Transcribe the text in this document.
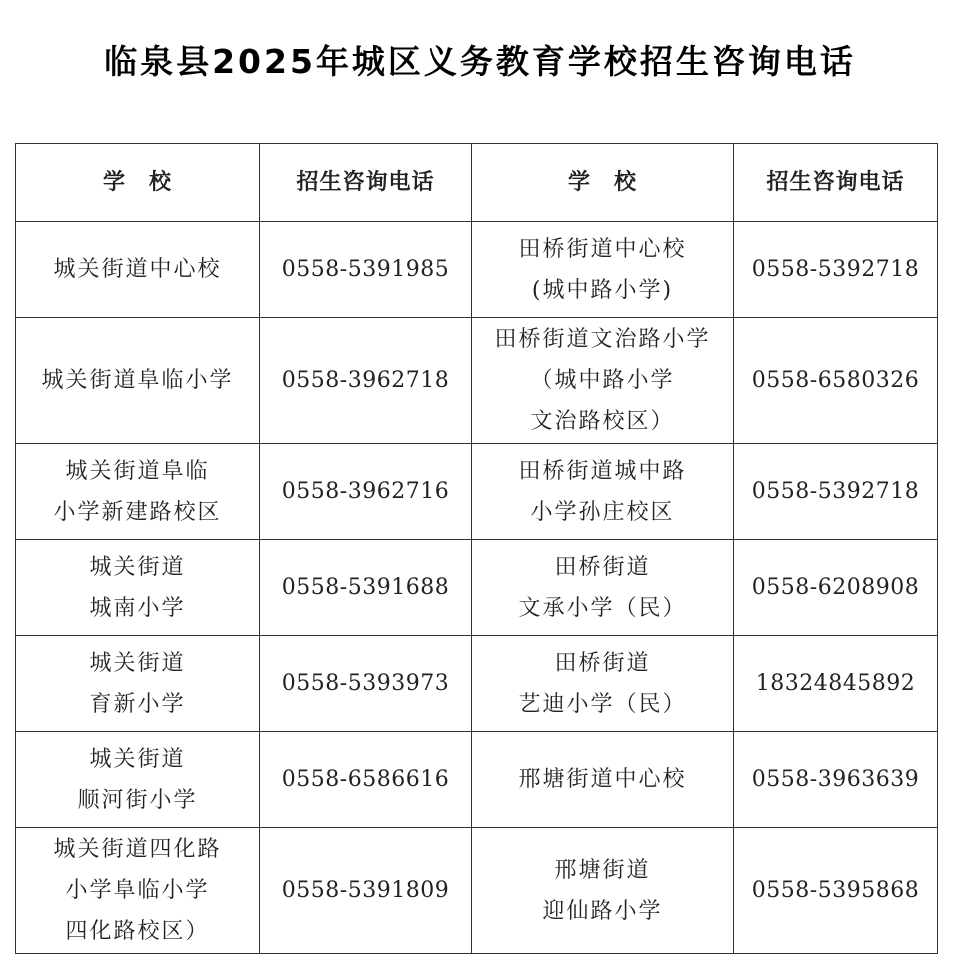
临泉县2025年城区义务教育学校招生咨询电话
学　校	招生咨询电话	学　校	招生咨询电话

城关街道中心校	0558-5391985	田桥街道中心校
(城中路小学)	0558-5392718

城关街道阜临小学	0558-3962718	田桥街道文治路小学
（城中路小学
文治路校区）	0558-6580326

城关街道阜临
小学新建路校区	0558-3962716	田桥街道城中路
小学孙庄校区	0558-5392718

城关街道
城南小学	0558-5391688	田桥街道
文承小学（民）	0558-6208908

城关街道
育新小学	0558-5393973	田桥街道
艺迪小学（民）	18324845892

城关街道
顺河街小学	0558-6586616	邢塘街道中心校	0558-3963639

城关街道四化路
小学阜临小学
四化路校区）	0558-5391809	邢塘街道
迎仙路小学	0558-5395868
